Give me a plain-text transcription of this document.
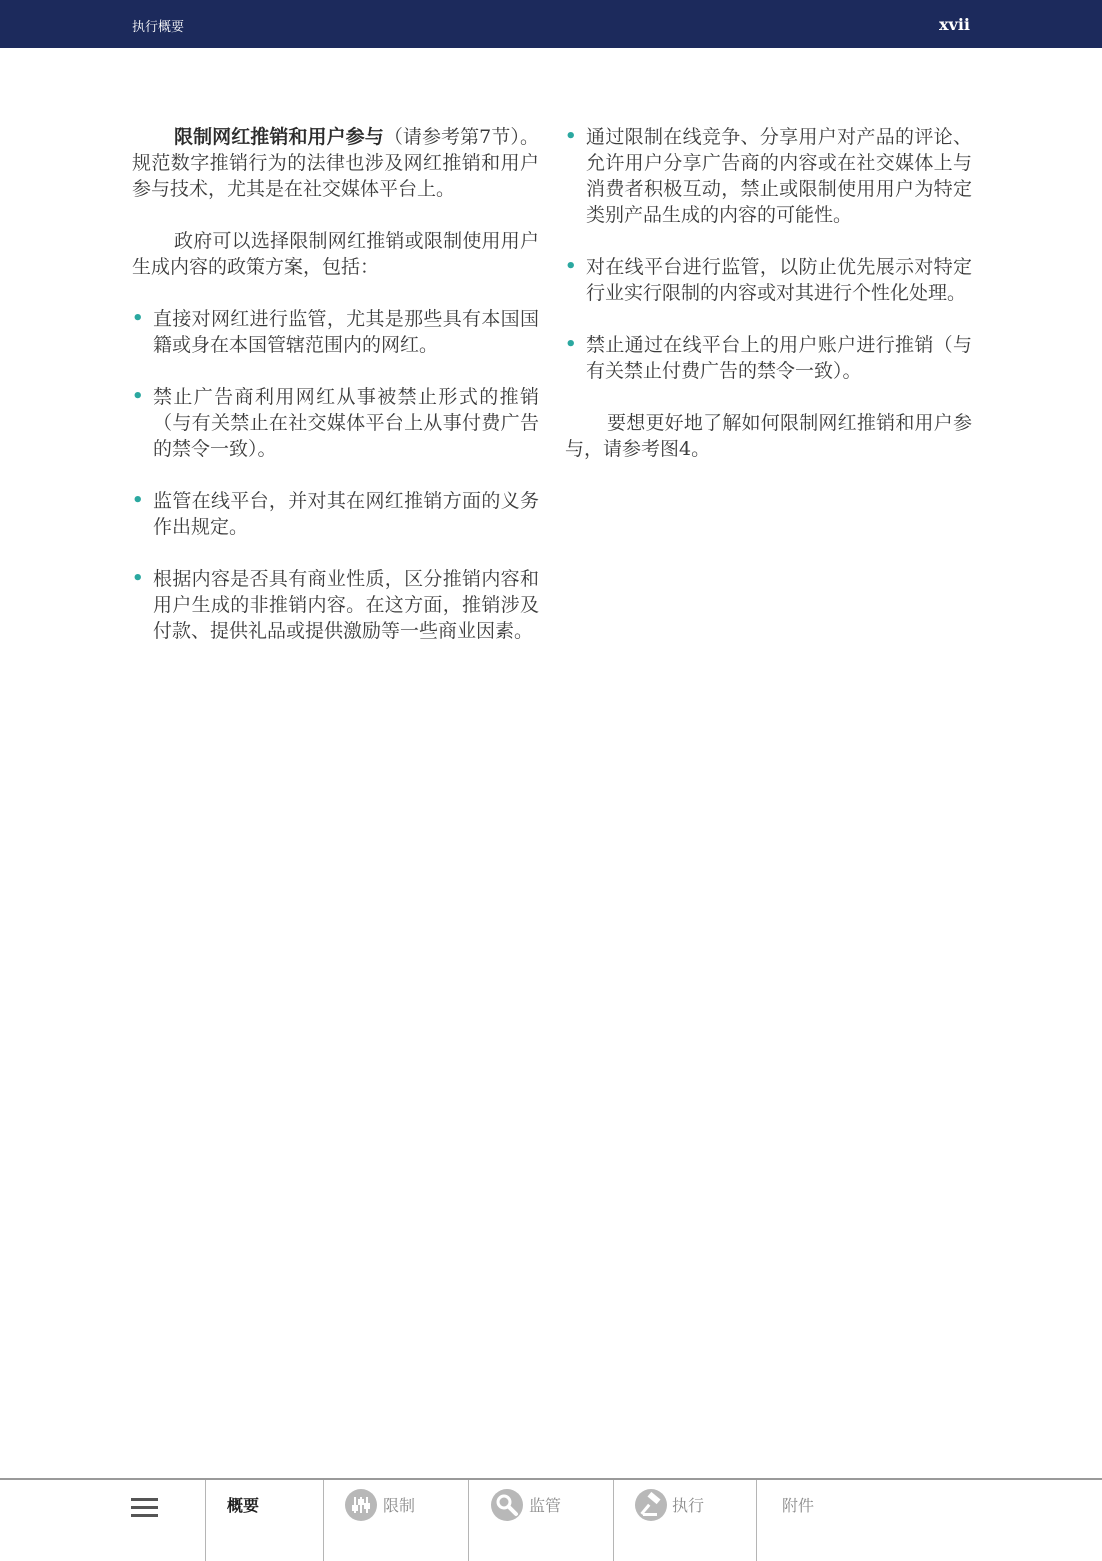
执行概要	xvii

限制网红推销和用户参与（请参考第7节）。规范数字推销行为的法律也涉及网红推销和用户参与技术，尤其是在社交媒体平台上。

政府可以选择限制网红推销或限制使用用户生成内容的政策方案，包括：

• 直接对网红进行监管，尤其是那些具有本国国籍或身在本国管辖范围内的网红。
• 禁止广告商利用网红从事被禁止形式的推销（与有关禁止在社交媒体平台上从事付费广告的禁令一致）。
• 监管在线平台，并对其在网红推销方面的义务作出规定。
• 根据内容是否具有商业性质，区分推销内容和用户生成的非推销内容。在这方面，推销涉及付款、提供礼品或提供激励等一些商业因素。
• 通过限制在线竞争、分享用户对产品的评论、允许用户分享广告商的内容或在社交媒体上与消费者积极互动，禁止或限制使用用户为特定类别产品生成的内容的可能性。
• 对在线平台进行监管，以防止优先展示对特定行业实行限制的内容或对其进行个性化处理。
• 禁止通过在线平台上的用户账户进行推销（与有关禁止付费广告的禁令一致）。

要想更好地了解如何限制网红推销和用户参与，请参考图4。

概要	限制	监管	执行	附件
